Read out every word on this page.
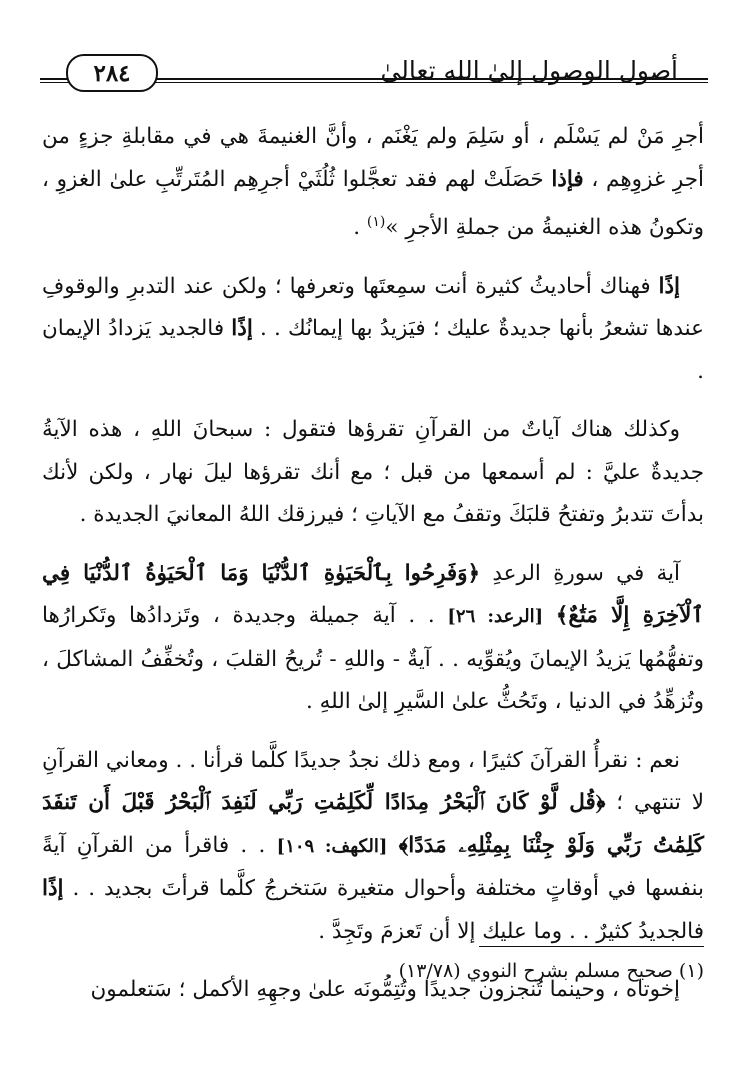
أصول الوصول إلىٰ الله تعالىٰ
٢٨٤

أجرِ مَنْ لم يَسْلَم ، أو سَلِمَ ولم يَغْنَم ، وأنَّ الغنيمةَ هي في مقابلةِ جزءٍ من أجرِ غزوِهِم ، فإذا حَصَلَتْ لهم فقد تعجَّلوا ثُلُثَيْ أجرِهِم المُتَرتِّبِ علىٰ الغزوِ ، وتكونُ هذه الغنيمةُ من جملةِ الأجرِ »$^{(١)}$ .

إذًا فهناك أحاديثُ كثيرة أنت سمِعتَها وتعرفها ؛ ولكن عند التدبرِ والوقوفِ عندها تشعرُ بأنها جديدةٌ عليك ؛ فيَزيدُ بها إيمانُك . . إذًا فالجديد يَزدادُ الإيمان .

وكذلك هناك آياتٌ من القرآنِ تقرؤها فتقول : سبحانَ اللهِ ، هذه الآيةُ جديدةٌ عليَّ : لم أسمعها من قبل ؛ مع أنك تقرؤها ليلَ نهار ، ولكن لأنك بدأتَ تتدبرُ وتفتحُ قلبَكَ وتقفُ مع الآياتِ ؛ فيرزقك اللهُ المعانيَ الجديدة .

آية في سورةِ الرعدِ ﴿وَفَرِحُوا بِٱلْحَيَوٰةِ ٱلدُّنْيَا وَمَا ٱلْحَيَوٰةُ ٱلدُّنْيَا فِي ٱلْآخِرَةِ إِلَّا مَتَٰعٌ﴾ [الرعد: ٢٦] . . آية جميلة وجديدة ، وتَزدادُها وتَكرارُها وتفهُّمُها يَزيدُ الإيمانَ ويُقوِّيه . . آيةٌ - واللهِ - تُريحُ القلبَ ، وتُخفِّفُ المشاكلَ ، وتُزهِّدُ في الدنيا ، وتَحُثُّ علىٰ السَّيرِ إلىٰ اللهِ .

نعم : نقرأُ القرآنَ كثيرًا ، ومع ذلك نجدُ جديدًا كلَّما قرأنا . . ومعاني القرآنِ لا تنتهي ؛ ﴿قُل لَّوْ كَانَ ٱلْبَحْرُ مِدَادًا لِّكَلِمَٰتِ رَبِّي لَنَفِدَ ٱلْبَحْرُ قَبْلَ أَن تَنفَدَ كَلِمَٰتُ رَبِّي وَلَوْ جِئْنَا بِمِثْلِهِۦ مَدَدًا﴾ [الكهف: ١٠٩] . . فاقرأ من القرآنِ آيةً بنفسها في أوقاتٍ مختلفة وأحوال متغيرة سَتخرجُ كلَّما قرأتَ بجديد . . إذًا فالجديدُ كثيرٌ . . وما عليك إلا أن تَعزمَ وتَجِدَّ .

إخوتاه ، وحينما تُنجزون جديدًا وتُتِمُّونَه علىٰ وجهِهِ الأكمل ؛ سَتعلمون

(١) صحيح مسلم بشرح النووي (١٣/٧٨) .
